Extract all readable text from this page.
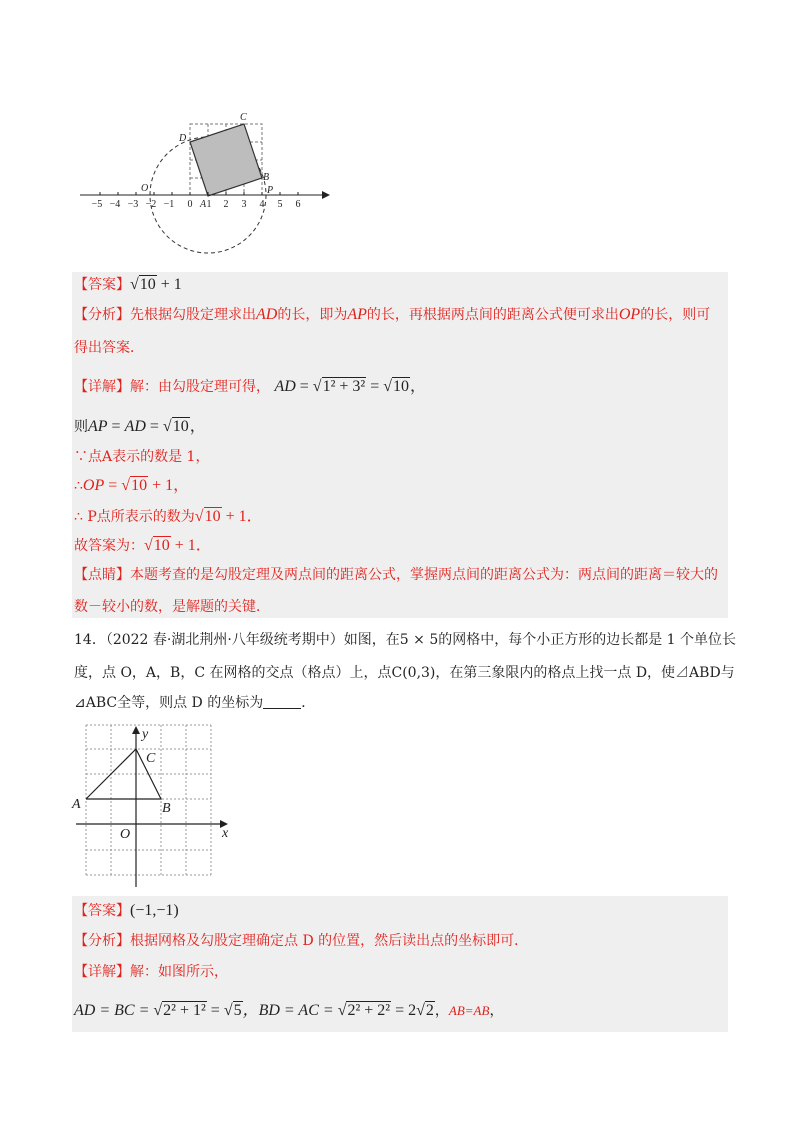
−5 −4 −3 −2 −1 0 1 2 3 4 5 6
A
B
C
D
O	P
【答案】√10 + 1
【分析】先根据勾股定理求出AD的长，即为AP的长，再根据两点间的距离公式便可求出OP的长，则可
得出答案．
【详解】解：由勾股定理可得， AD = √1² + 3² = √10，
则AP = AD = √10，
∵点A表示的数是 1，
∴OP = √10 + 1，
∴ P点所表示的数为√10 + 1．
故答案为：√10 + 1．
【点睛】本题考查的是勾股定理及两点间的距离公式，掌握两点间的距离公式为：两点间的距离＝较大的
数－较小的数，是解题的关键．
14．（2022 春·湖北荆州·八年级统考期中）如图，在5 × 5的网格中，每个小正方形的边长都是 1 个单位长
度，点 O，A，B，C 在网格的交点（格点）上，点C(0,3)，在第三象限内的格点上找一点 D，使⊿ABD与
⊿ABC全等，则点 D 的坐标为	．
y
x
C
A	B
O
【答案】(−1,−1)
【分析】根据网格及勾股定理确定点 D 的位置，然后读出点的坐标即可．
【详解】解：如图所示，
AD = BC = √2² + 1² = √5，BD = AC = √2² + 2² = 2√2，AB=AB，
